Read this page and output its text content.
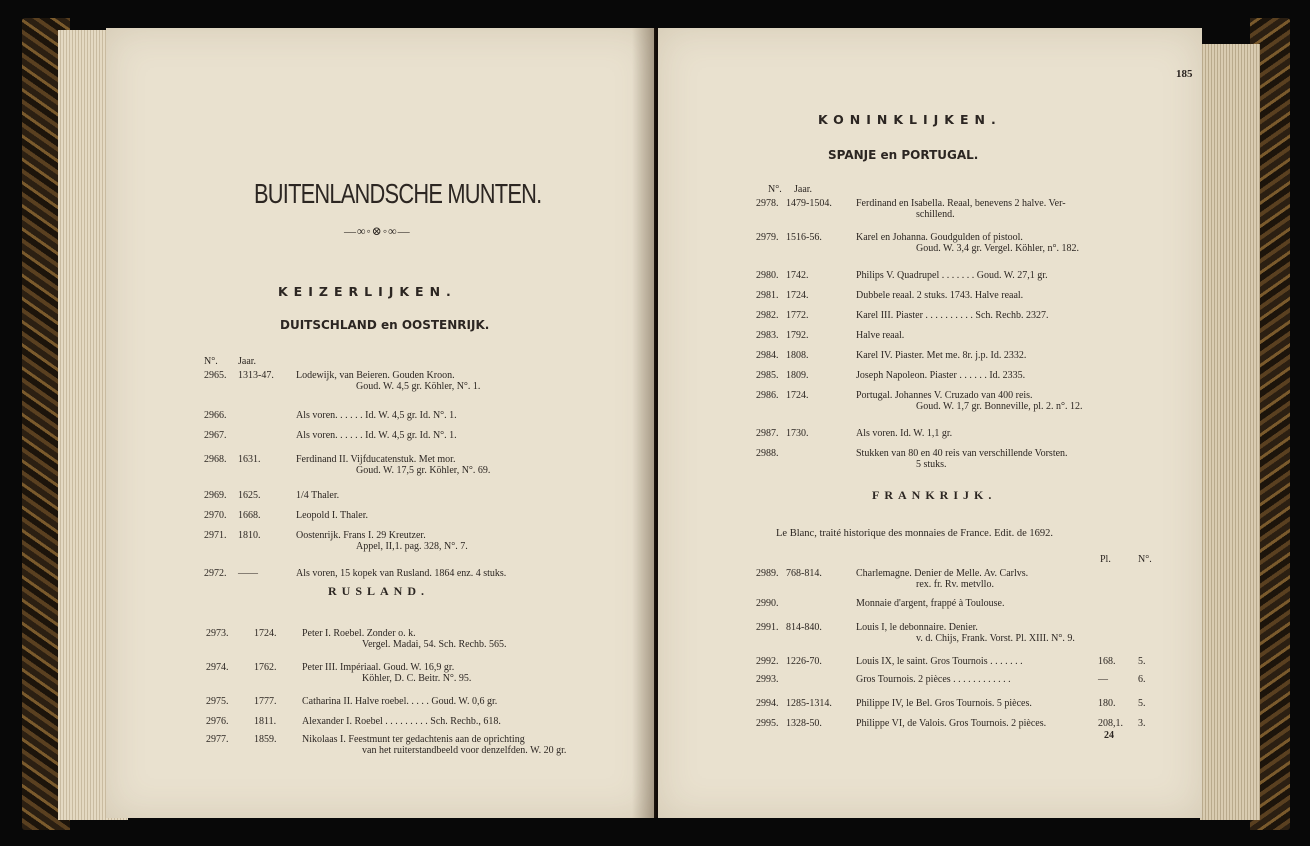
BUITENLANDSCHE MUNTEN.
—∞◦⊗◦∞—
KEIZERLIJKEN.
DUITSCHLAND en OOSTENRIJK.
N°. Jaar.
2965. 1313-47. Lodewijk, van Beieren. Gouden Kroon.
Goud. W. 4,5 gr. Köhler, N°. 1.
2966.	Als voren. . . . . . Id. W. 4,5 gr. Id. N°. 1.
2967.	Als voren. . . . . . Id. W. 4,5 gr. Id. N°. 1.
2968. 1631.	Ferdinand II. Vijfducatenstuk. Met mor.
Goud. W. 17,5 gr. Köhler, N°. 69.
2969. 1625.	1/4 Thaler.
2970. 1668.	Leopold I. Thaler.
2971. 1810.	Oostenrijk. Frans I. 29 Kreutzer.
Appel, II,1. pag. 328, N°. 7.
2972. ——	Als voren, 15 kopek van Rusland. 1864 enz. 4 stuks.
RUSLAND.
2973.	1724.	Peter I. Roebel. Zonder o. k.
Vergel. Madai, 54. Sch. Rechb. 565.
2974.	1762.	Peter III. Impériaal. Goud. W. 16,9 gr.
Köhler, D. C. Beitr. N°. 95.
2975.	1777.	Catharina II. Halve roebel. . . . . Goud. W. 0,6 gr.
2976.	1811.	Alexander I. Roebel . . . . . . . . . Sch. Rechb., 618.
2977.	1859.	Nikolaas I. Feestmunt ter gedachtenis aan de oprichting
van het ruiterstandbeeld voor denzelfden. W. 20 gr.
185
KONINKLIJKEN.
SPANJE en PORTUGAL.
N°. Jaar.
2978. 1479-1504. Ferdinand en Isabella. Reaal, benevens 2 halve. Ver-
schillend.
2979. 1516-56.	Karel en Johanna. Goudgulden of pistool.
Goud. W. 3,4 gr. Vergel. Köhler, n°. 182.
2980. 1742.	Philips V. Quadrupel . . . . . . . Goud. W. 27,1 gr.
2981. 1724.	Dubbele reaal. 2 stuks. 1743. Halve reaal.
2982. 1772.	Karel III. Piaster . . . . . . . . . . Sch. Rechb. 2327.
2983. 1792.	Halve reaal.
2984. 1808.	Karel IV. Piaster. Met me. 8r. j.p. Id. 2332.
2985. 1809.	Joseph Napoleon. Piaster . . . . . . Id. 2335.
2986. 1724.	Portugal. Johannes V. Cruzado van 400 reis.
Goud. W. 1,7 gr. Bonneville, pl. 2. n°. 12.
2987. 1730.	Als voren. Id. W. 1,1 gr.
2988.	Stukken van 80 en 40 reis van verschillende Vorsten.
5 stuks.
FRANKRIJK.
Le Blanc, traité historique des monnaies de France. Edit. de 1692.
Pl.	N°.
2989. 768-814.	Charlemagne. Denier de Melle. Av. Carlvs.
rex. fr. Rv. metvllo.
2990.	Monnaie d'argent, frappé à Toulouse.
2991. 814-840.	Louis I, le debonnaire. Denier.
v. d. Chijs, Frank. Vorst. Pl. XIII. N°. 9.
2992. 1226-70.	Louis IX, le saint. Gros Tournois . . . . . . .	168. 5.
2993.	Gros Tournois. 2 pièces . . . . . . . . . . . .	—	6.
2994. 1285-1314. Philippe IV, le Bel. Gros Tournois. 5 pièces.	180. 5.
2995. 1328-50.	Philippe VI, de Valois. Gros Tournois. 2 pièces.	208,1. 3.
24
